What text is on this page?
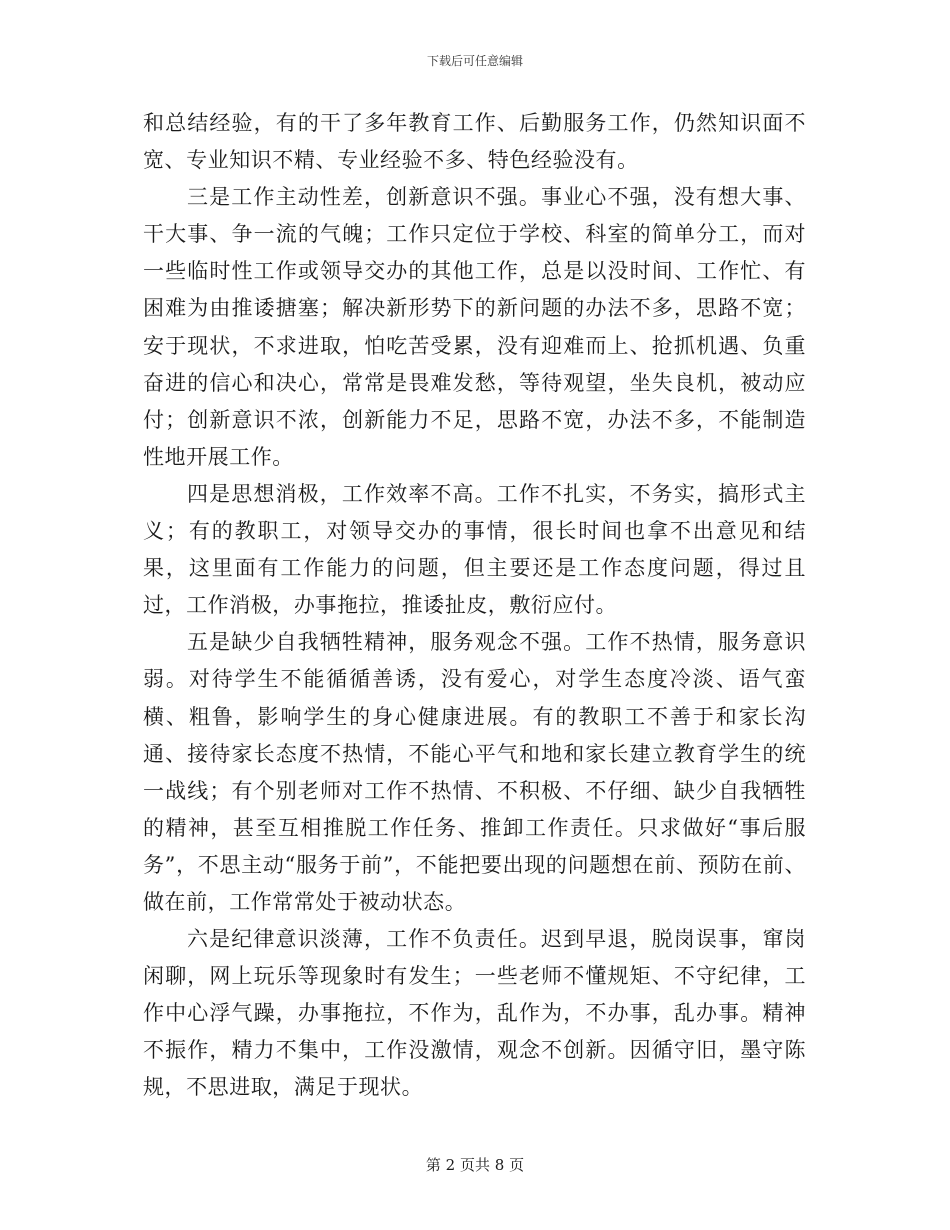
下载后可任意编辑

和总结经验，有的干了多年教育工作、后勤服务工作，仍然知识面不宽、专业知识不精、专业经验不多、特色经验没有。

三是工作主动性差，创新意识不强。事业心不强，没有想大事、干大事、争一流的气魄；工作只定位于学校、科室的简单分工，而对一些临时性工作或领导交办的其他工作，总是以没时间、工作忙、有困难为由推诿搪塞；解决新形势下的新问题的办法不多，思路不宽；安于现状，不求进取，怕吃苦受累，没有迎难而上、抢抓机遇、负重奋进的信心和决心，常常是畏难发愁，等待观望，坐失良机，被动应付；创新意识不浓，创新能力不足，思路不宽，办法不多，不能制造性地开展工作。

四是思想消极，工作效率不高。工作不扎实，不务实，搞形式主义；有的教职工，对领导交办的事情，很长时间也拿不出意见和结果，这里面有工作能力的问题，但主要还是工作态度问题，得过且过，工作消极，办事拖拉，推诿扯皮，敷衍应付。

五是缺少自我牺牲精神，服务观念不强。工作不热情，服务意识弱。对待学生不能循循善诱，没有爱心，对学生态度冷淡、语气蛮横、粗鲁，影响学生的身心健康进展。有的教职工不善于和家长沟通、接待家长态度不热情，不能心平气和地和家长建立教育学生的统一战线；有个别老师对工作不热情、不积极、不仔细、缺少自我牺牲的精神，甚至互相推脱工作任务、推卸工作责任。只求做好“事后服务”，不思主动“服务于前”，不能把要出现的问题想在前、预防在前、做在前，工作常常处于被动状态。

六是纪律意识淡薄，工作不负责任。迟到早退，脱岗误事，窜岗闲聊，网上玩乐等现象时有发生；一些老师不懂规矩、不守纪律，工作中心浮气躁，办事拖拉，不作为，乱作为，不办事，乱办事。精神不振作，精力不集中，工作没激情，观念不创新。因循守旧，墨守陈规，不思进取，满足于现状。

第 2 页共 8 页
